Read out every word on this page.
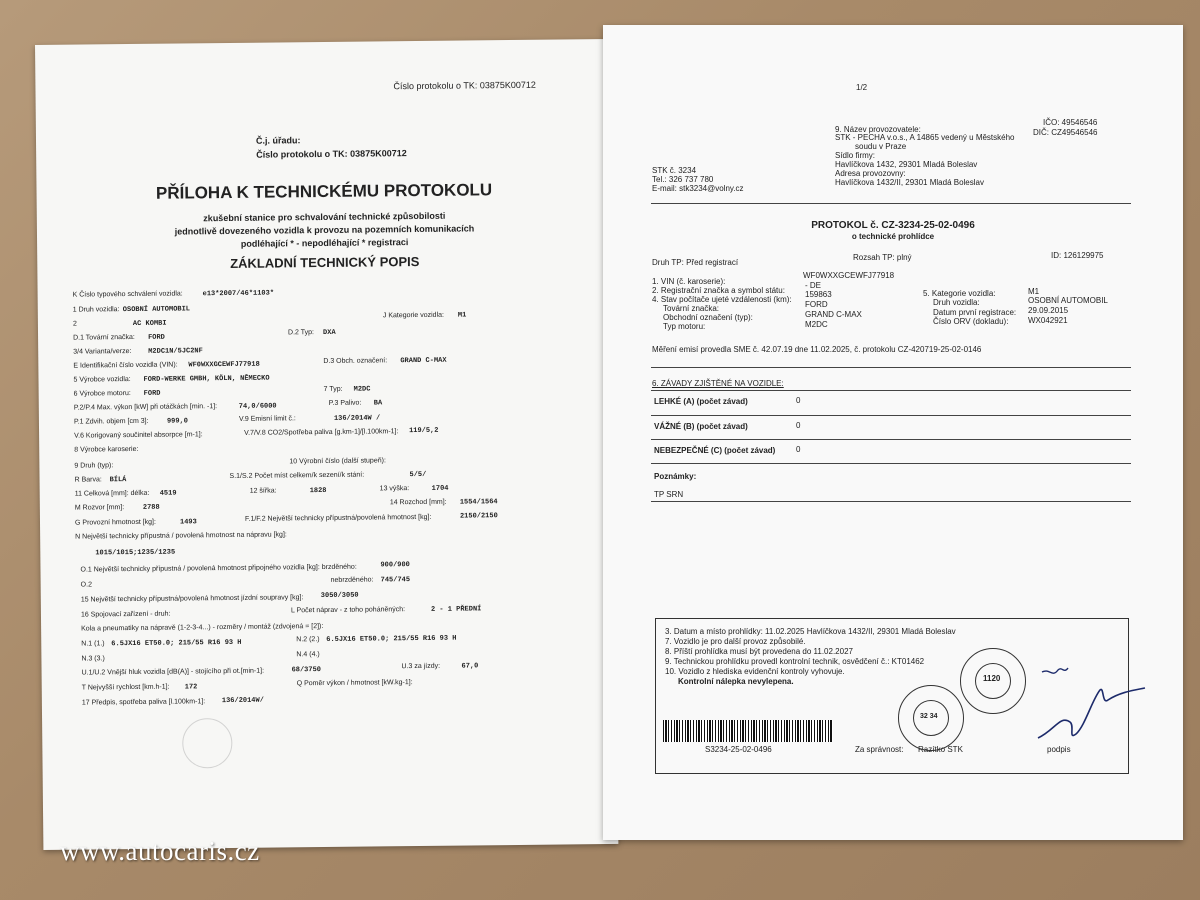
Číslo protokolu o TK: 03875K00712
Č.j. úřadu:
Číslo protokolu o TK: 03875K00712
PŘÍLOHA K TECHNICKÉMU PROTOKOLU
zkušební stanice pro schvalování technické způsobilosti
jednotlivě dovezeného vozidla k provozu na pozemních komunikacích
podléhající * - nepodléhající * registraci
ZÁKLADNÍ TECHNICKÝ POPIS
K Číslo typového schválení vozidla:	e13*2007/46*1103*
1 Druh vozidla: OSOBNÍ AUTOMOBIL
2	AC KOMBI
J Kategorie vozidla: M1
D.1 Tovární značka: FORD
D.2 Typ: DXA
3/4 Varianta/verze: M2DC1N/5JC2NF
E Identifikační číslo vozidla (VIN): WF0WXXGCEWFJ77918	D.3 Obch. označení: GRAND C-MAX
5 Výrobce vozidla: FORD-WERKE GMBH, KÖLN, NĚMECKO
6 Výrobce motoru: FORD
7 Typ: M2DC
P.2/P.4 Max. výkon [kW] při otáčkách [min. -1]:	74,0/6000	P.3 Palivo: BA
P.1 Zdvih. objem [cm 3]:	999,0	V.9 Emisní limit č.:	136/2014W /
V.6 Korigovaný součinitel absorpce [m-1]:	V.7/V.8 CO2/Spotřeba paliva [g.km-1]/[l.100km-1]: 119/5,2
8 Výrobce karoserie:
9 Druh (typ):
10 Výrobní číslo (další stupeň):
R Barva: BÍLÁ
S.1/S.2 Počet míst celkem/k sezení/k stání:	5/5/
11 Celková [mm]: délka: 4519	12 šířka:	1828	13 výška:	1704
M Rozvor [mm]:	2788
14 Rozchod [mm]: 1554/1564
G Provozní hmotnost [kg]:	1493	F.1/F.2 Největší technicky přípustná/povolená hmotnost [kg]:	2150/2150
N Největší technicky přípustná / povolená hmotnost na nápravu [kg]:
1015/1015;1235/1235
O.1 Největší technicky přípustná / povolená hmotnost připojného vozidla [kg]: brzděného:	900/900
O.2
nebrzděného: 745/745
15 Největší technicky přípustná/povolená hmotnost jízdní soupravy [kg]: 3050/3050
16 Spojovací zařízení - druh:
L Počet náprav - z toho poháněných:	2 - 1 PŘEDNÍ
Kola a pneumatiky na nápravě (1-2-3-4...) - rozměry / montáž (zdvojená = [2]):
N.1 (1.) 6.5JX16 ET50.0; 215/55 R16 93 H	N.2 (2.) 6.5JX16 ET50.0; 215/55 R16 93 H
N.3 (3.)
N.4 (4.)
U.1/U.2 Vnější hluk vozidla [dB(A)] - stojícího při ot.[min-1]:	68/3750	U.3 za jízdy:	67,0
T Nejvyšší rychlost [km.h-1]: 172
Q Poměr výkon / hmotnost [kW.kg-1]:
17 Předpis, spotřeba paliva [l.100km-1]: 136/2014W/
1/2
9. Název provozovatele:
STK - PECHA v.o.s., A 14865 vedený u Městského
soudu v Praze
Sídlo firmy:
Havlíčkova 1432, 29301 Mladá Boleslav
Adresa provozovny:
Havlíčkova 1432/II, 29301 Mladá Boleslav
IČO: 49546546
DIČ: CZ49546546
STK č. 3234
Tel.: 326 737 780
E-mail: stk3234@volny.cz
PROTOKOL č. CZ-3234-25-02-0496
o technické prohlídce
Druh TP: Před registrací
Rozsah TP: plný	ID: 126129975
1. VIN (č. karoserie):
WF0WXXGCEWFJ77918
2. Registrační značka a symbol státu:
- DE
4. Stav počítače ujeté vzdálenosti (km):
159863
Tovární značka:	FORD
Obchodní označení (typ):	GRAND C-MAX
Typ motoru:	M2DC
5. Kategorie vozidla:	M1
Druh vozidla:	OSOBNÍ AUTOMOBIL
Datum první registrace: 29.09.2015
Číslo ORV (dokladu): WX042921
Měření emisí provedla SME č. 42.07.19 dne 11.02.2025, č. protokolu CZ-420719-25-02-0146
6. ZÁVADY ZJIŠTĚNÉ NA VOZIDLE:
LEHKÉ (A) (počet závad)	0
VÁŽNÉ (B) (počet závad)	0
NEBEZPEČNÉ (C) (počet závad)	0
Poznámky:
TP SRN
3. Datum a místo prohlídky: 11.02.2025 Havlíčkova 1432/II, 29301 Mladá Boleslav
7. Vozidlo je pro další provoz způsobilé.
8. Příští prohlídka musí být provedena do 11.02.2027
9. Technickou prohlídku provedl kontrolní technik, osvědčení č.: KT01462
10. Vozidlo z hlediska evidenční kontroly vyhovuje.
Kontrolní nálepka nevylepena.
S3234-25-02-0496	Za správnost: Razítko STK	podpis
1120
32 34
www.autocaris.cz
